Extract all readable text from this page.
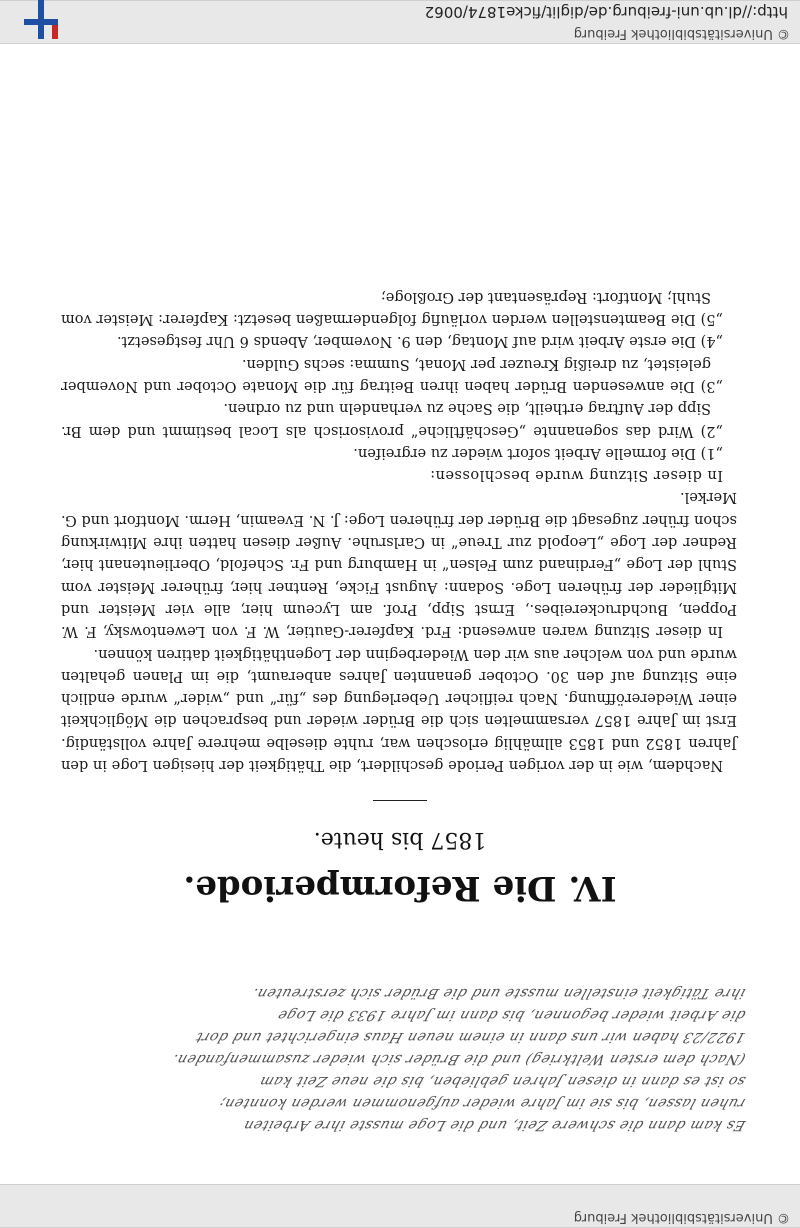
© Universitätsbibliothek Freiburg
Es kam dann die schwere Zeit, und die Loge musste ihre Arbeiten
ruhen lassen, bis sie im Jahre wieder aufgenommen werden konnten;
so ist es dann in diesen Jahren geblieben, bis die neue Zeit kam
(Nach dem ersten Weltkrieg) und die Brüder sich wieder zusammenfanden.
1922/23 haben wir uns dann in einem neuen Haus eingerichtet und dort
die Arbeit wieder begonnen, bis dann im Jahre 1933 die Loge
ihre Tätigkeit einstellen musste und die Brüder sich zerstreuten.
IV. Die Reformperiode.
1857 bis heute.

Nachdem, wie in der vorigen Periode geschildert, die Thätigkeit der hiesigen Loge in den Jahren 1852 und 1853 allmählig erloschen war, ruhte dieselbe mehrere Jahre vollständig. Erst im Jahre 1857 versammelten sich die Brüder wieder und besprachen die Möglichkeit einer Wiedereröffnung. Nach reiflicher Ueberlegung des „für“ und „wider“ wurde endlich eine Sitzung auf den 30. October genannten Jahres anberaumt, die im Planen gehalten wurde und von welcher aus wir den Wiederbeginn der Logenthätigkeit datiren können.

In dieser Sitzung waren anwesend: Frd. Kapferer-Gautier, W. F. von Lewentowsky, F. W. Poppen, Buchdruckereibes., Ernst Sipp, Prof. am Lyceum hier, alle vier Meister und Mitglieder der früheren Loge. Sodann: August Ficke, Rentner hier, früherer Meister vom Stuhl der Loge „Ferdinand zum Felsen“ in Hamburg und Fr. Schefold, Oberlieutenant hier, Redner der Loge „Leopold zur Treue“ in Carlsruhe. Außer diesen hatten ihre Mitwirkung schon früher zugesagt die Brüder der früheren Loge: J. N. Eveamin, Herm. Montfort und G. Merkel.

In dieser Sitzung wurde beschlossen:

„1) Die formelle Arbeit sofort wieder zu ergreifen.

„2) Wird das sogenannte „Geschäftliche“ provisorisch als Local bestimmt und dem Br. Sipp der Auftrag ertheilt, die Sache zu verhandeln und zu ordnen.

„3) Die anwesenden Brüder haben ihren Beitrag für die Monate October und November geleistet, zu dreißig Kreuzer per Monat, Summa: sechs Gulden.

„4) Die erste Arbeit wird auf Montag, den 9. November, Abends 6 Uhr festgesetzt.

„5) Die Beamtenstellen werden vorläufig folgendermaßen besetzt: Kapferer: Meister vom Stuhl; Montfort: Repräsentant der Großloge;

© Universitätsbibliothek Freiburg
http://dl.ub.uni-freiburg.de/diglit/ficke1874/0062
